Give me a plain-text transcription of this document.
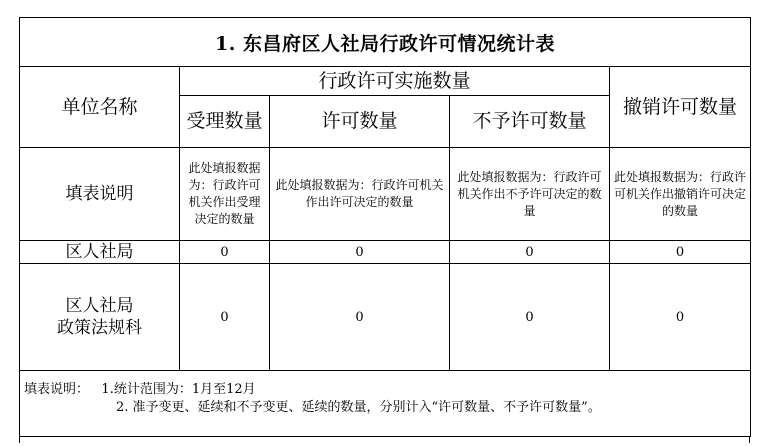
1. 东昌府区人社局行政许可情况统计表				
单位名称	行政许可实施数量			撤销许可数量
	受理数量	许可数量	不予许可数量	
填表说明	此处填报数据为：行政许可机关作出受理决定的数量	此处填报数据为：行政许可机关作出许可决定的数量	此处填报数据为：行政许可机关作出不予许可决定的数量	此处填报数据为：行政许可机关作出撤销许可决定的数量
区人社局	0	0	0	0

区人社局
政策法规科	0	0	0	0

填表说明： 1.统计范围为：1月至12月
2. 准予变更、延续和不予变更、延续的数量，分别计入“许可数量、不予许可数量”。				
